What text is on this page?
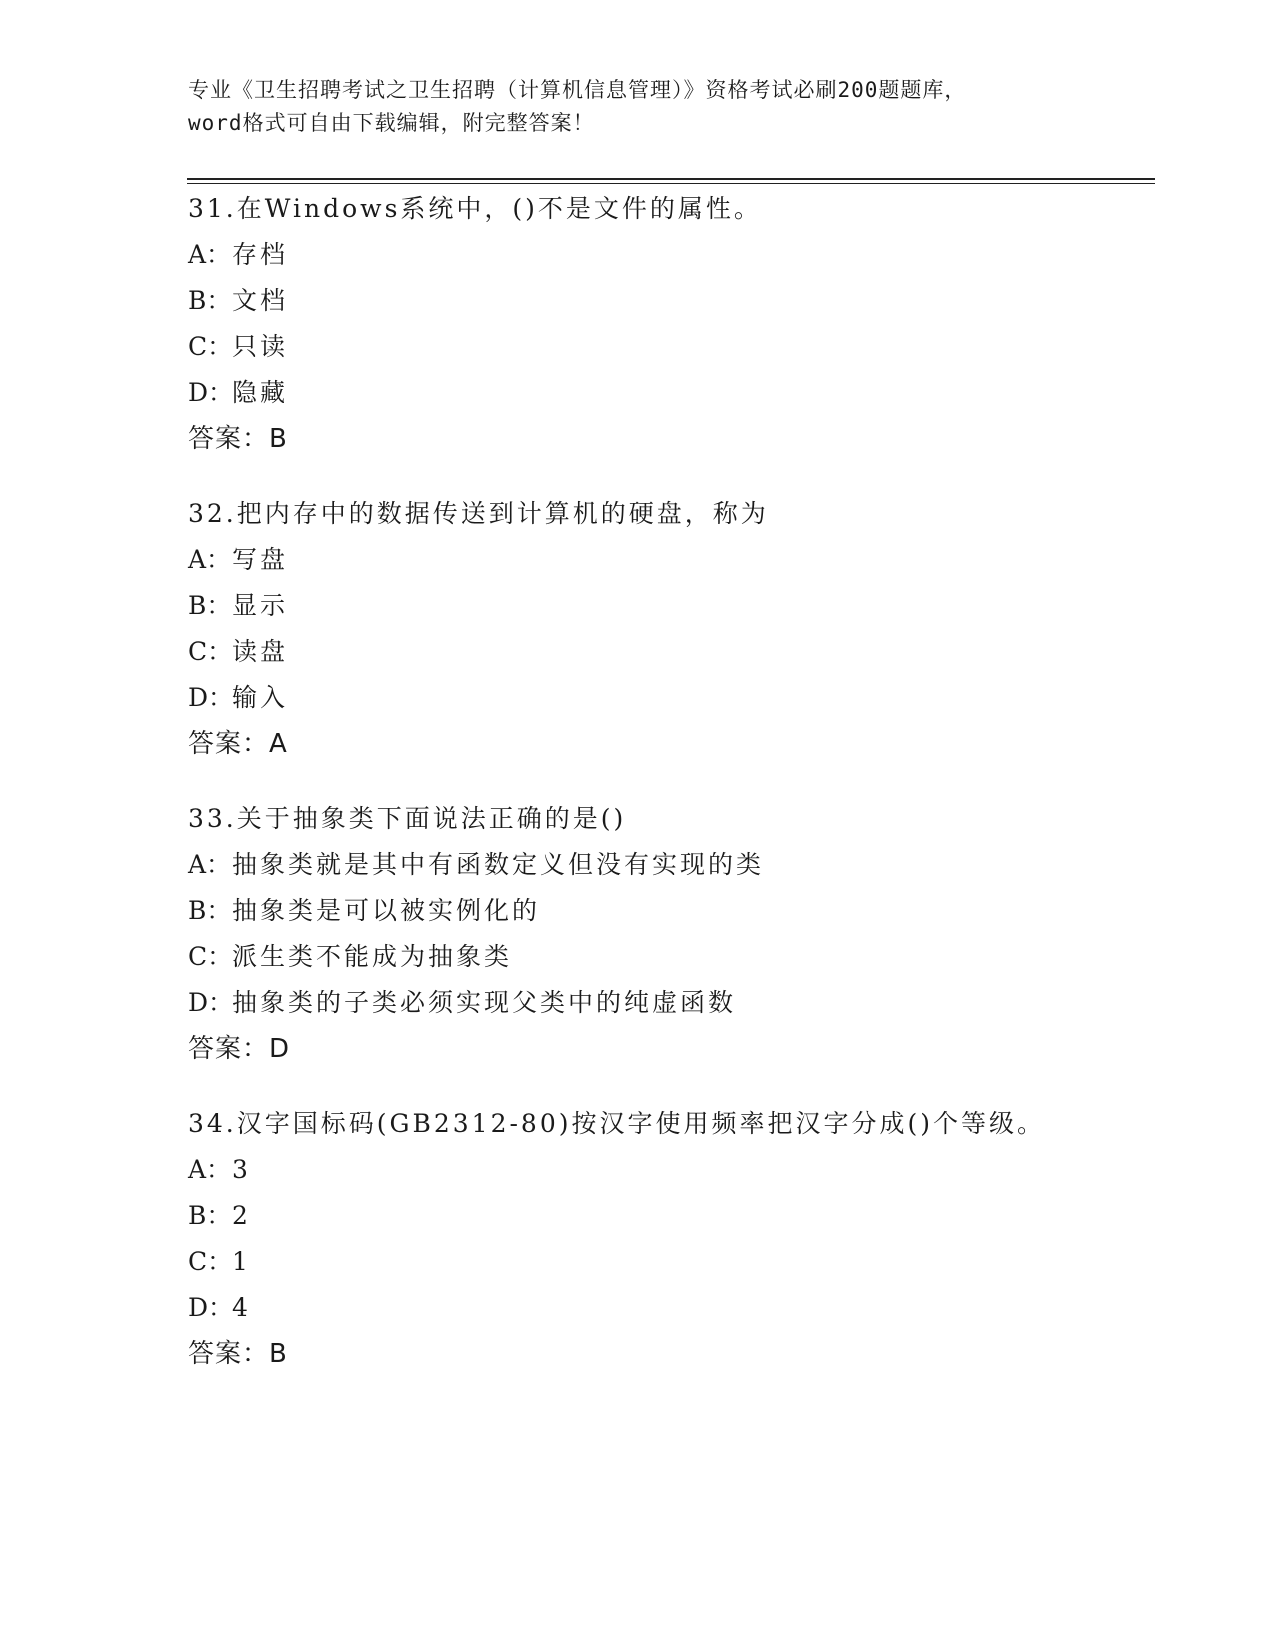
专业《卫生招聘考试之卫生招聘（计算机信息管理）》资格考试必刷200题题库，
word格式可自由下载编辑，附完整答案！
31.在Windows系统中，()不是文件的属性。
A：存档
B：文档
C：只读
D：隐藏
答案：B
32.把内存中的数据传送到计算机的硬盘，称为
A：写盘
B：显示
C：读盘
D：输入
答案：A
33.关于抽象类下面说法正确的是()
A：抽象类就是其中有函数定义但没有实现的类
B：抽象类是可以被实例化的
C：派生类不能成为抽象类
D：抽象类的子类必须实现父类中的纯虚函数
答案：D
34.汉字国标码(GB2312-80)按汉字使用频率把汉字分成()个等级。
A：3
B：2
C：1
D：4
答案：B
